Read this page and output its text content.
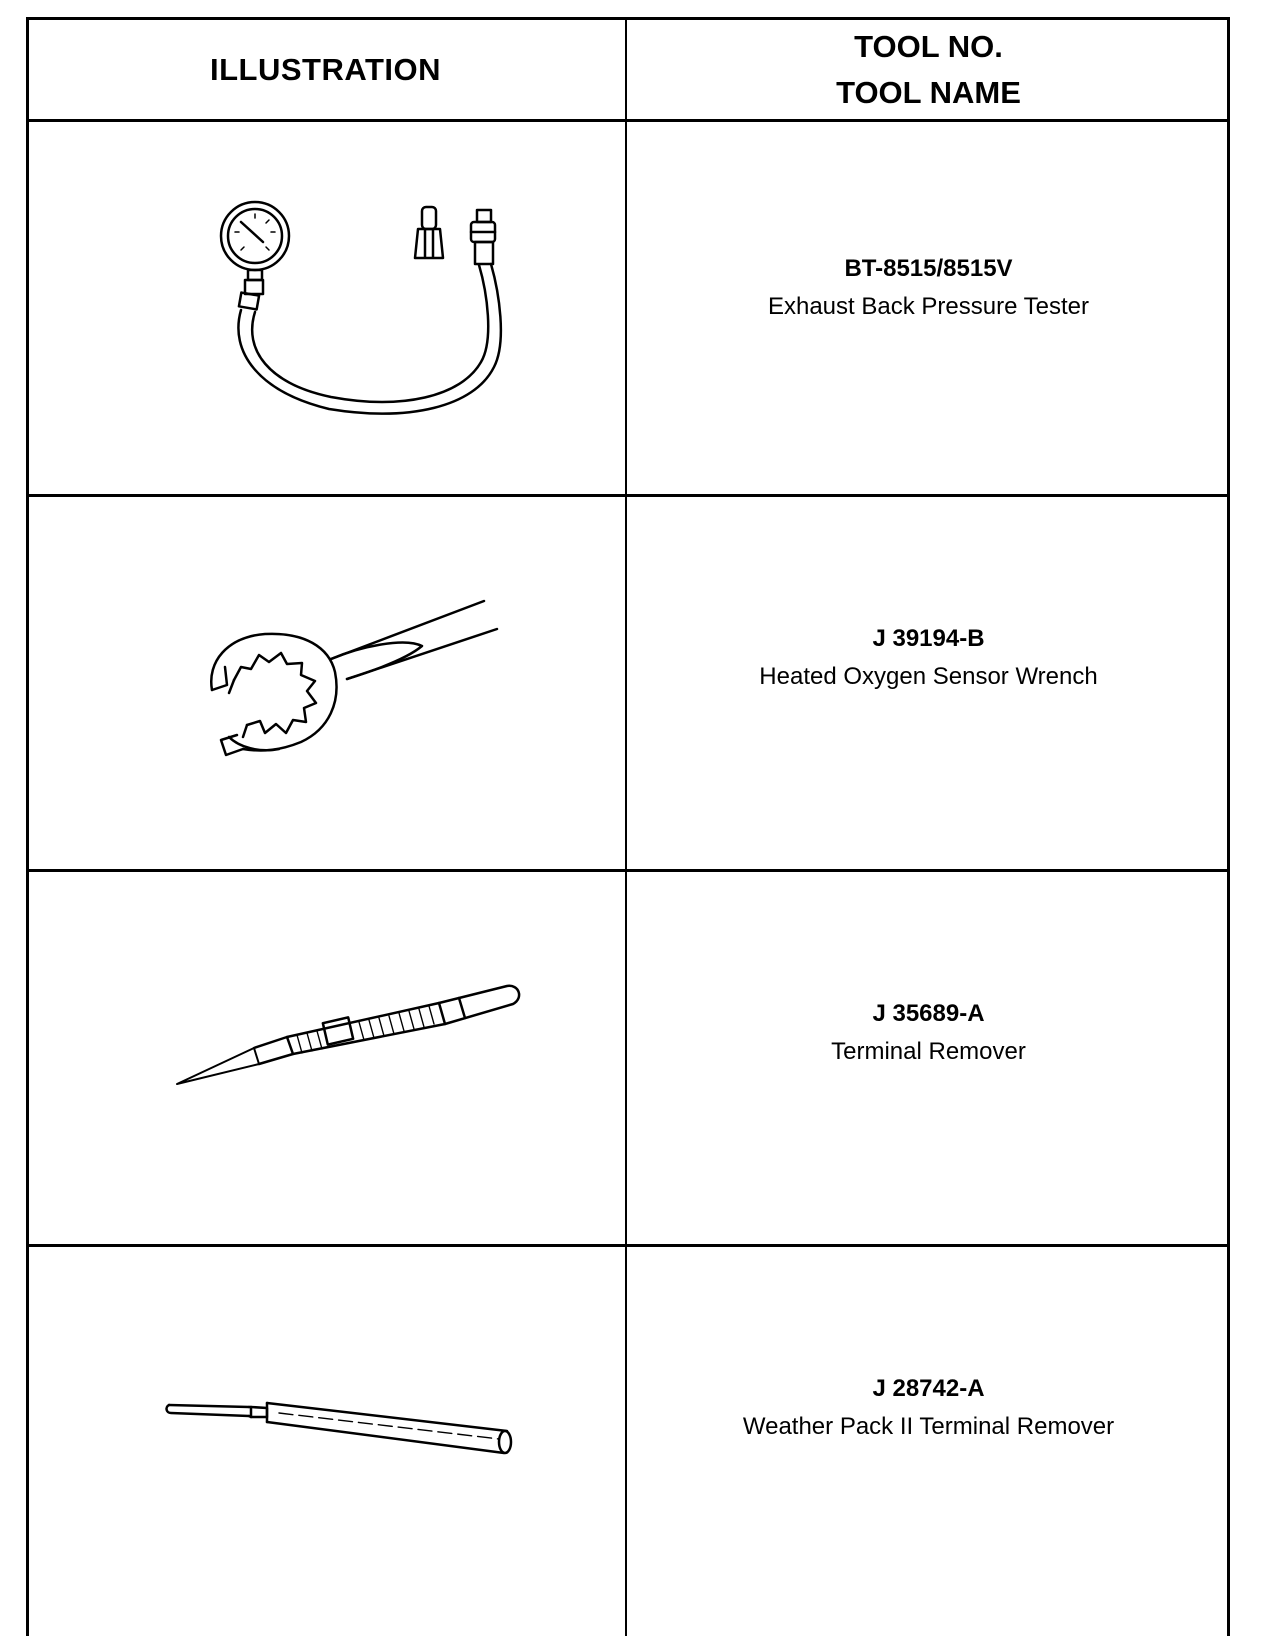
ILLUSTRATION
TOOL NO.
TOOL NAME
BT-8515/8515V
Exhaust Back Pressure Tester
J 39194-B
Heated Oxygen Sensor Wrench
J 35689-A
Terminal Remover
J 28742-A
Weather Pack II Terminal Remover
